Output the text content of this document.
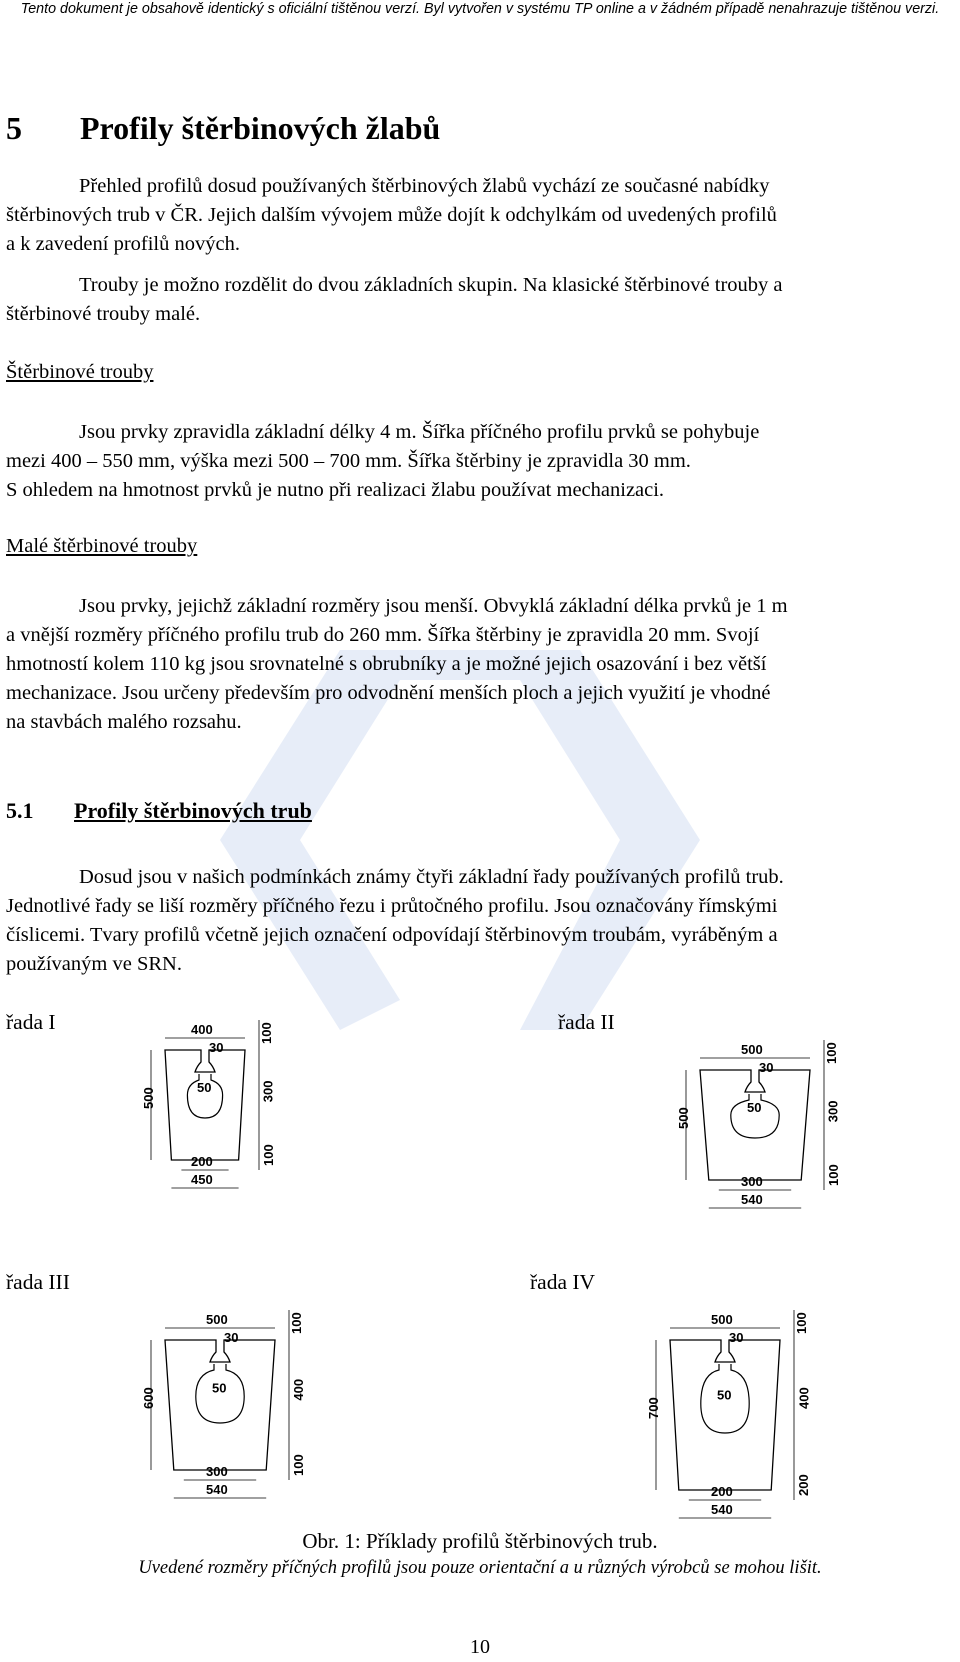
Tento dokument je obsahově identický s oficiální tištěnou verzí. Byl vytvořen v systému TP online a v žádném případě nenahrazuje tištěnou verzi.
5 Profily štěrbinových žlabů
Přehled profilů dosud používaných štěrbinových žlabů vychází ze současné nabídky
štěrbinových trub v ČR. Jejich dalším vývojem může dojít k odchylkám od uvedených profilů
a k zavedení profilů nových.
Trouby je možno rozdělit do dvou základních skupin. Na klasické štěrbinové trouby a
štěrbinové trouby malé.
Štěrbinové trouby
Jsou prvky zpravidla základní délky 4 m. Šířka příčného profilu prvků se pohybuje
mezi 400 – 550 mm, výška mezi 500 – 700 mm. Šířka štěrbiny je zpravidla 30 mm.
S ohledem na hmotnost prvků je nutno při realizaci žlabu používat mechanizaci.
Malé štěrbinové trouby
Jsou prvky, jejichž základní rozměry jsou menší. Obvyklá základní délka prvků je 1 m
a vnější rozměry příčného profilu trub do 260 mm. Šířka štěrbiny je zpravidla 20 mm. Svojí
hmotností kolem 110 kg jsou srovnatelné s obrubníky a je možné jejich osazování i bez větší
mechanizace. Jsou určeny především pro odvodnění menších ploch a jejich využití je vhodné
na stavbách malého rozsahu.
5.1 Profily štěrbinových trub
Dosud jsou v našich podmínkách známy čtyři základní řady používaných profilů trub.
Jednotlivé řady se liší rozměry příčného řezu i průtočného profilu. Jsou označovány římskými
číslicemi. Tvary profilů včetně jejich označení odpovídají štěrbinovým troubám, vyráběným a
používaným ve SRN.
řada I	řada II
řada III	řada IV
400
30
50
500
100
300
100
200
450
500
30
50
500
100
300
100
300
540
500
30
50
600
100
400
100
300
540
500
30
50
700
100
400
200
200
540
Obr. 1: Příklady profilů štěrbinových trub.
Uvedené rozměry příčných profilů jsou pouze orientační a u různých výrobců se mohou lišit.
10
